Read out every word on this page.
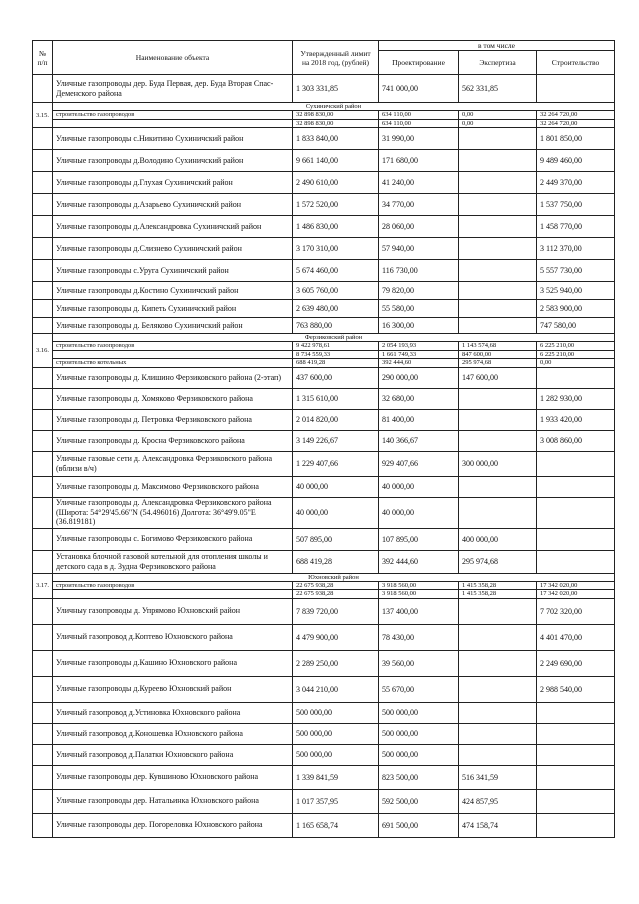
№
п/п	Наименование объекта	Утвержденный лимит на 2018 год, (рублей)	в том числе		
			Проектирование	Экспертиза	Строительство
	Уличные газопроводы дер. Буда Первая, дер. Буда Вторая Спас-Деменского района	1 303 331,85	741 000,00	562 331,85	
3.15.	Сухиничский район				
	строительство газопроводов	32 898 830,00	634 110,00	0,00	32 264 720,00
		32 898 830,00	634 110,00	0,00	32 264 720,00
	Уличные газопроводы с.Никитино Сухиничский район	1 833 840,00	31 990,00		1 801 850,00
	Уличные газопроводы д.Володино Сухиничский район	9 661 140,00	171 680,00		9 489 460,00
	Уличные газопроводы д.Глухая Сухиничский район	2 490 610,00	41 240,00		2 449 370,00
	Уличные газопроводы д.Азарьево Сухиничский район	1 572 520,00	34 770,00		1 537 750,00
	Уличные газопроводы д.Александровка Сухиничский район	1 486 830,00	28 060,00		1 458 770,00
	Уличные газопроводы д.Слизнево Сухиничский район	3 170 310,00	57 940,00		3 112 370,00
	Уличные газопроводы с.Уруга Сухиничский район	5 674 460,00	116 730,00		5 557 730,00
	Уличные газопроводы д.Костино Сухиничский район	3 605 760,00	79 820,00		3 525 940,00
	Уличные газопроводы д. Кипеть Сухиничский район	2 639 480,00	55 580,00		2 583 900,00
	Уличные газопроводы д. Беляково Сухиничский район	763 880,00	16 300,00		747 580,00
3.16.	Ферзиковский район				
	строительство газопроводов	9 422 978,61	2 054 193,93	1 143 574,68	6 225 210,00
		8 734 559,33	1 661 749,33	847 600,00	6 225 210,00
	строительство котельных	688 419,28	392 444,60	295 974,68	0,00
	Уличные газопроводы д. Клишино Ферзиковского района (2-этап)	437 600,00	290 000,00	147 600,00	
	Уличные газопроводы д. Хомяково Ферзиковского района	1 315 610,00	32 680,00		1 282 930,00
	Уличные газопроводы д. Петровка Ферзиковского района	2 014 820,00	81 400,00		1 933 420,00
	Уличные газопроводы д. Кросна Ферзиковского района	3 149 226,67	140 366,67		3 008 860,00
	Уличные газовые сети д. Александровка Ферзиковского района (вблизи в/ч)	1 229 407,66	929 407,66	300 000,00	
	Уличные газопроводы д. Максимово Ферзиковского района	40 000,00	40 000,00		
	Уличные газопроводы д. Александровка Ферзиковского района (Широта: 54°29'45.66"N (54.496016) Долгота: 36°49'9.05"E (36.819181)	40 000,00	40 000,00		
	Уличные газопроводы с. Богимово Ферзиковского района	507 895,00	107 895,00	400 000,00	
	Установка блочной газовой котельной для отопления школы и детского сада в д. Зудна Ферзиковского района	688 419,28	392 444,60	295 974,68	
3.17.	Юхновский район				
	строительство газопроводов	22 675 938,28	3 918 560,00	1 415 358,28	17 342 020,00
		22 675 938,28	3 918 560,00	1 415 358,28	17 342 020,00
	Уличныу газопроводы д. Упрямово Юхновский район	7 839 720,00	137 400,00		7 702 320,00
	Уличный газопровод д.Коптево Юхновского района	4 479 900,00	78 430,00		4 401 470,00
	Уличные газопроводы д.Кашино Юхновского района	2 289 250,00	39 560,00		2 249 690,00
	Уличные газопроводы д.Куреево Юхновский район	3 044 210,00	55 670,00		2 988 540,00
	Уличный газопровод д.Устиновка Юхновского района	500 000,00	500 000,00		
	Уличный газопровод д.Коношевка Юхновского района	500 000,00	500 000,00		
	Уличный газопровод д.Палатки Юхновского района	500 000,00	500 000,00		
	Уличные газопроводы дер. Кувшиново Юхновского района	1 339 841,59	823 500,00	516 341,59	
	Уличные газопроводы дер. Натальинка Юхновского района	1 017 357,95	592 500,00	424 857,95	
	Уличные газопроводы дер. Погореловка Юхновского района	1 165 658,74	691 500,00	474 158,74	
